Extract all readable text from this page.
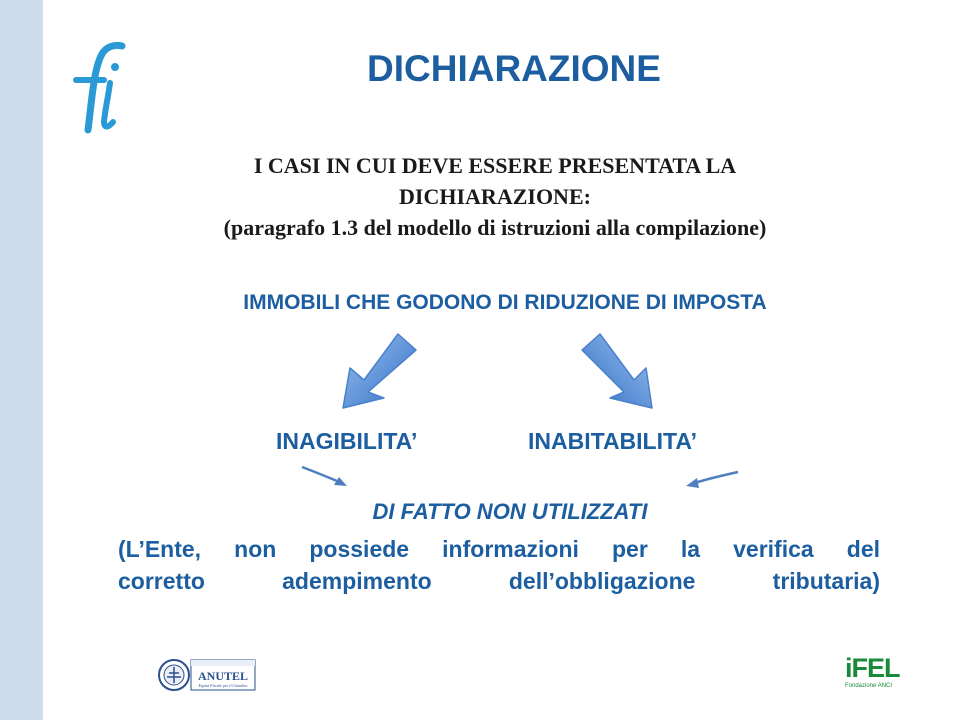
DICHIARAZIONE
I CASI IN CUI DEVE ESSERE PRESENTATA LA
DICHIARAZIONE:
(paragrafo 1.3 del modello di istruzioni alla compilazione)
IMMOBILI CHE GODONO DI RIDUZIONE DI IMPOSTA
INAGIBILITA’	INABITABILITA’
DI FATTO NON UTILIZZATI
(L’Ente, non possiede informazioni per la verifica del
corretto	adempimento	dell’obbligazione	tributaria)
ANUTEL
Equità Fiscale per il Cittadino
iFEL
Fondazione ANCI
